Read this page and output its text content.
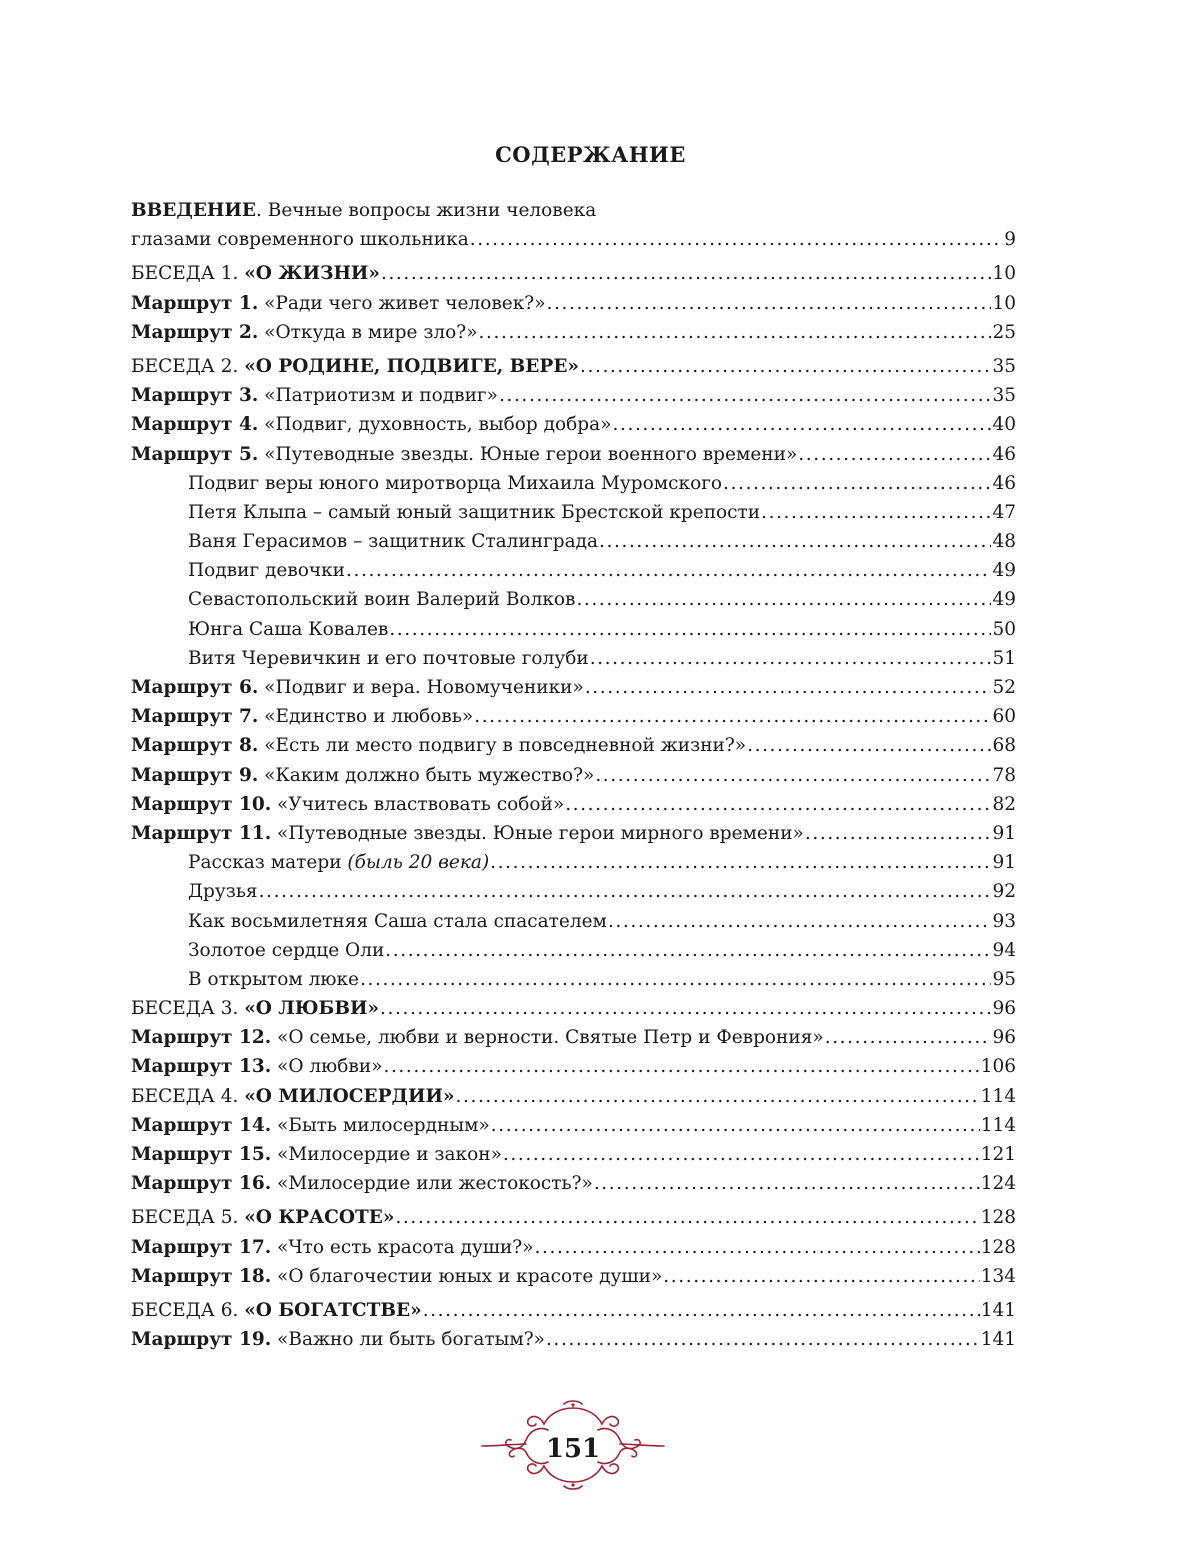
СОДЕРЖАНИЕ
ВВЕДЕНИЕ. Вечные вопросы жизни человека
глазами современного школьника .....	9
БЕСЕДА 1. «О ЖИЗНИ» .....	10
Маршрут 1. «Ради чего живет человек?» .....	10
Маршрут 2. «Откуда в мире зло?» .....	25
БЕСЕДА 2. «О РОДИНЕ, ПОДВИГЕ, ВЕРЕ» .....	35
Маршрут 3. «Патриотизм и подвиг» .....	35
Маршрут 4. «Подвиг, духовность, выбор добра» .....	40
Маршрут 5. «Путеводные звезды. Юные герои военного времени» .....	46
Подвиг веры юного миротворца Михаила Муромского .....	46
Петя Клыпа – самый юный защитник Брестской крепости .....	47
Ваня Герасимов – защитник Сталинграда .....	48
Подвиг девочки .....	49
Севастопольский воин Валерий Волков .....	49
Юнга Саша Ковалев .....	50
Витя Черевичкин и его почтовые голуби .....	51
Маршрут 6. «Подвиг и вера. Новомученики» .....	52
Маршрут 7. «Единство и любовь» .....	60
Маршрут 8. «Есть ли место подвигу в повседневной жизни?» .....	68
Маршрут 9. «Каким должно быть мужество?» .....	78
Маршрут 10. «Учитесь властвовать собой» .....	82
Маршрут 11. «Путеводные звезды. Юные герои мирного времени» .....	91
Рассказ матери (быль 20 века) .....	91
Друзья .....	92
Как восьмилетняя Саша стала спасателем .....	93
Золотое сердце Оли .....	94
В открытом люке .....	95
БЕСЕДА 3. «О ЛЮБВИ» .....	96
Маршрут 12. «О семье, любви и верности. Святые Петр и Феврония» .....	96
Маршрут 13. «О любви» .....	106
БЕСЕДА 4. «О МИЛОСЕРДИИ» .....	114
Маршрут 14. «Быть милосердным» .....	114
Маршрут 15. «Милосердие и закон» .....	121
Маршрут 16. «Милосердие или жестокость?» .....	124
БЕСЕДА 5. «О КРАСОТЕ» .....	128
Маршрут 17. «Что есть красота души?» .....	128
Маршрут 18. «О благочестии юных и красоте души» .....	134
БЕСЕДА 6. «О БОГАТСТВЕ» .....	141
Маршрут 19. «Важно ли быть богатым?» .....	141
151
